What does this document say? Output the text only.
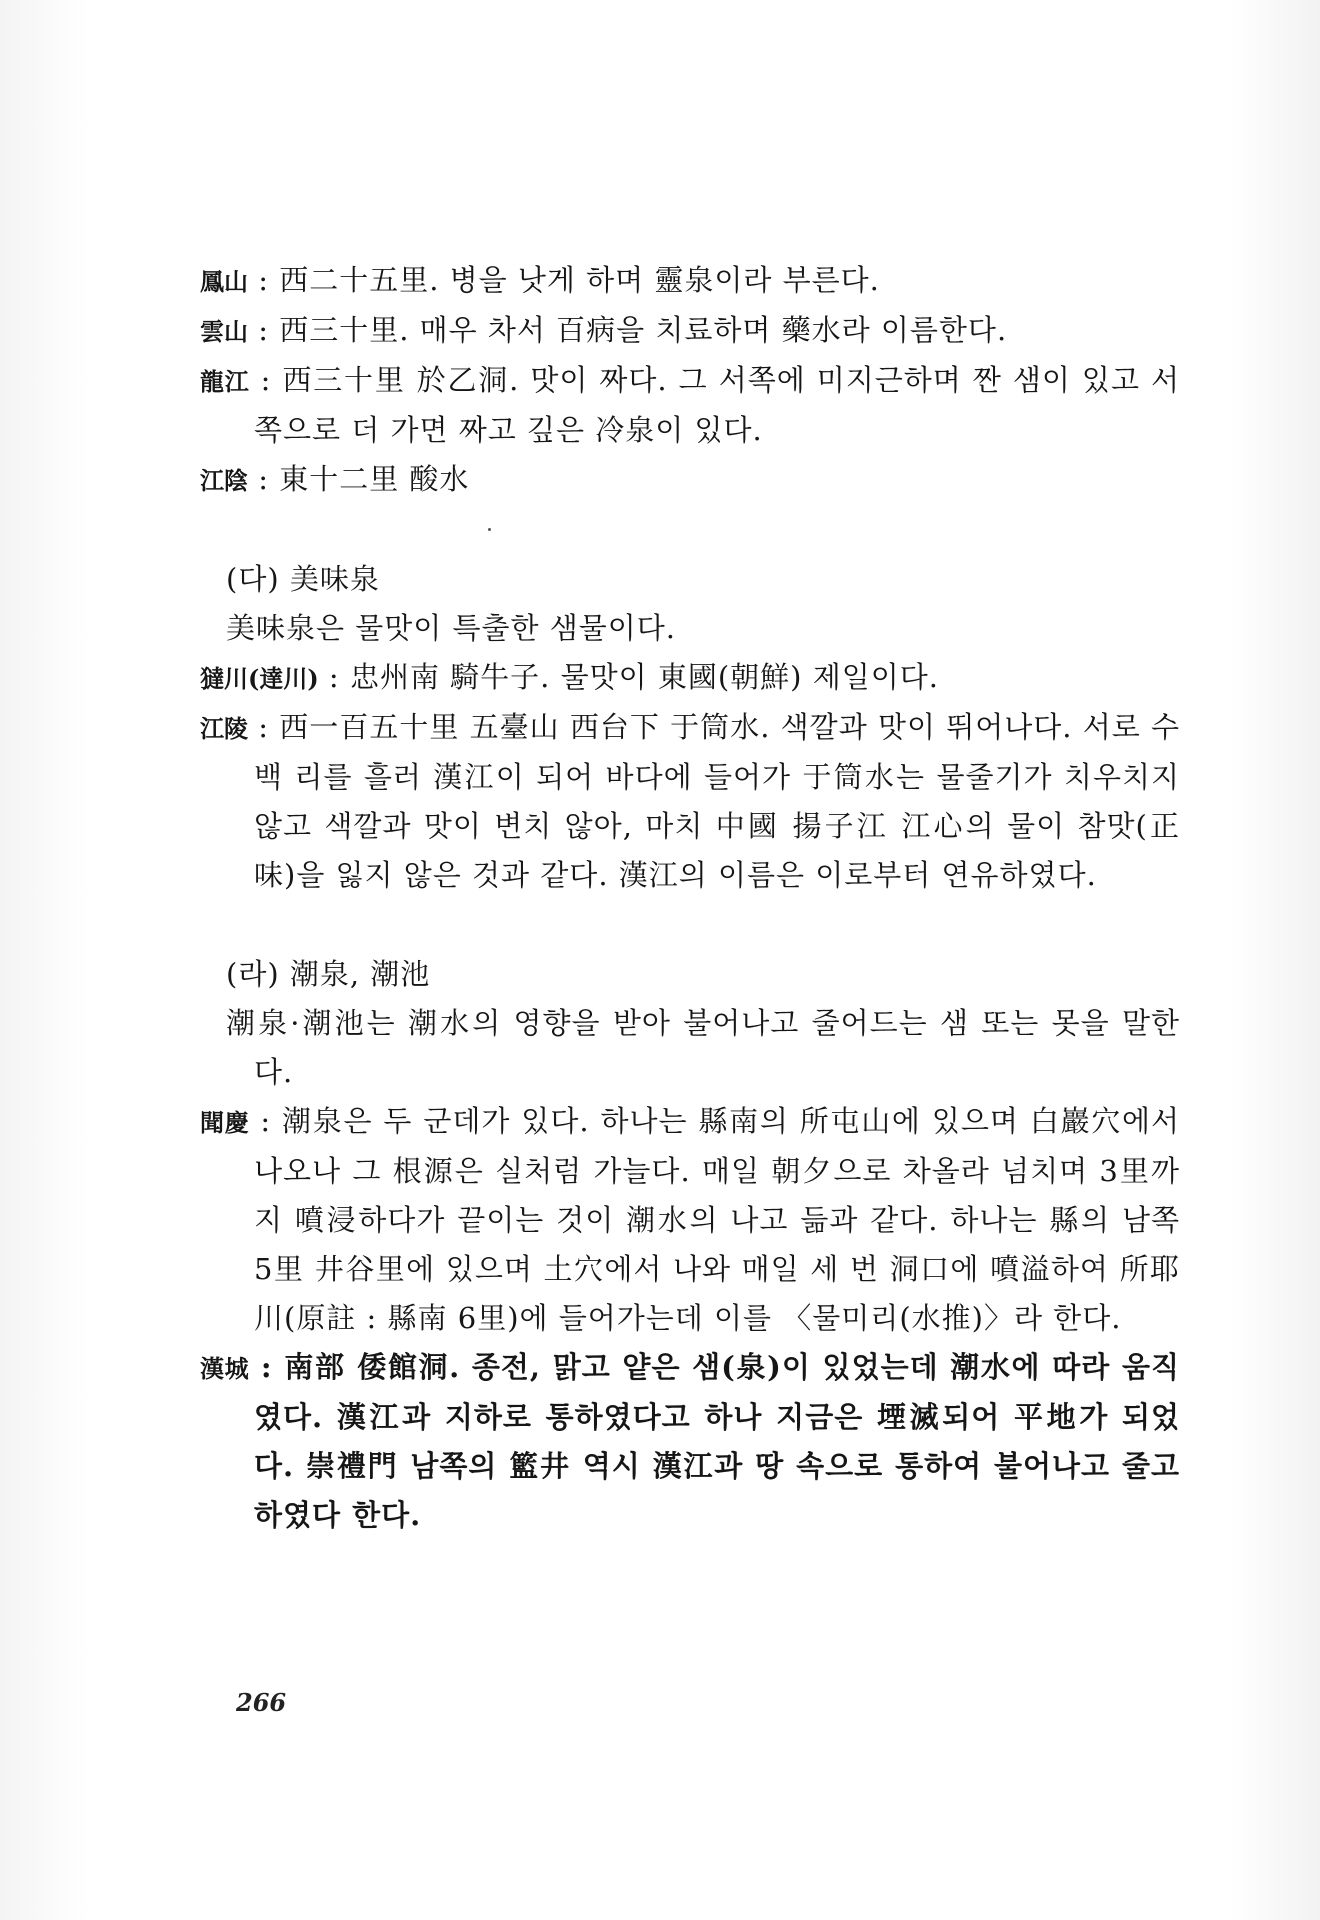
鳳山 : 西二十五里. 병을 낫게 하며 靈泉이라 부른다.

雲山 : 西三十里. 매우 차서 百病을 치료하며 藥水라 이름한다.

龍江 : 西三十里 於乙洞. 맛이 짜다. 그 서쪽에 미지근하며 짠 샘이 있고 서쪽으로 더 가면 짜고 깊은 冷泉이 있다.

江陰 : 東十二里 酸水

(다) 美味泉

美味泉은 물맛이 특출한 샘물이다.

㺚川(達川) : 忠州南 騎牛子. 물맛이 東國(朝鮮) 제일이다.

江陵 : 西一百五十里 五臺山 西台下 于筒水. 색깔과 맛이 뛰어나다. 서로 수백 리를 흘러 漢江이 되어 바다에 들어가 于筒水는 물줄기가 치우치지 않고 색깔과 맛이 변치 않아, 마치 中國 揚子江 江心의 물이 참맛(正味)을 잃지 않은 것과 같다. 漢江의 이름은 이로부터 연유하였다.

(라) 潮泉, 潮池

潮泉·潮池는 潮水의 영향을 받아 불어나고 줄어드는 샘 또는 못을 말한다.

聞慶 : 潮泉은 두 군데가 있다. 하나는 縣南의 所屯山에 있으며 白巖穴에서 나오나 그 根源은 실처럼 가늘다. 매일 朝夕으로 차올라 넘치며 3里까지 噴浸하다가 끝이는 것이 潮水의 나고 듦과 같다. 하나는 縣의 남쪽 5里 井谷里에 있으며 土穴에서 나와 매일 세 번 洞口에 噴溢하여 所耶川(原註 : 縣南 6里)에 들어가는데 이를 〈물미리(水推)〉라 한다.

漢城 : 南部 倭館洞. 종전, 맑고 얕은 샘(泉)이 있었는데 潮水에 따라 움직였다. 漢江과 지하로 통하였다고 하나 지금은 堙滅되어 平地가 되었다. 崇禮門 남쪽의 籃井 역시 漢江과 땅 속으로 통하여 불어나고 줄고 하였다 한다.

266
